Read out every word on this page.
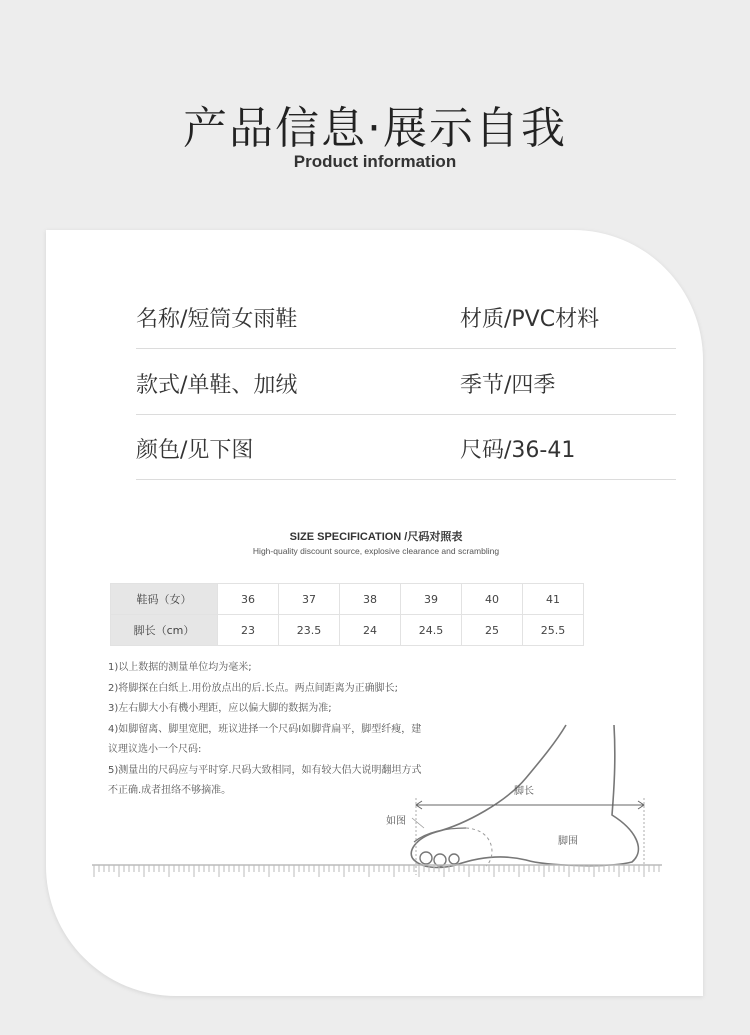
产品信息·展示自我
Product information
名称/短筒女雨鞋	材质/PVC材料
款式/单鞋、加绒	季节/四季
颜色/见下图	尺码/36-41
SIZE SPECIFICATION /尺码对照表
High-quality discount source, explosive clearance and scrambling
鞋码（女）	36	37	38	39	40	41
脚长（cm）	23	23.5	24	24.5	25	25.5
1)以上数据的测量单位均为毫米;
2)将脚探在白纸上.用份放点出的后.长点。两点间距离为正确脚长;
3)左右脚大小有機小理距，应以偏大脚的数据为准;
4)如脚留离、脚里宽肥，班议进择一个尺码I如脚背扁平，脚型纤瘦，建
议理议选小一个尺码:
5)测量出的尺码应与平时穿.尺码大致相同，如有较大侣大说明翻坦方式
不正确.成者扭络不够摘准。	脚长
如图
脚围
